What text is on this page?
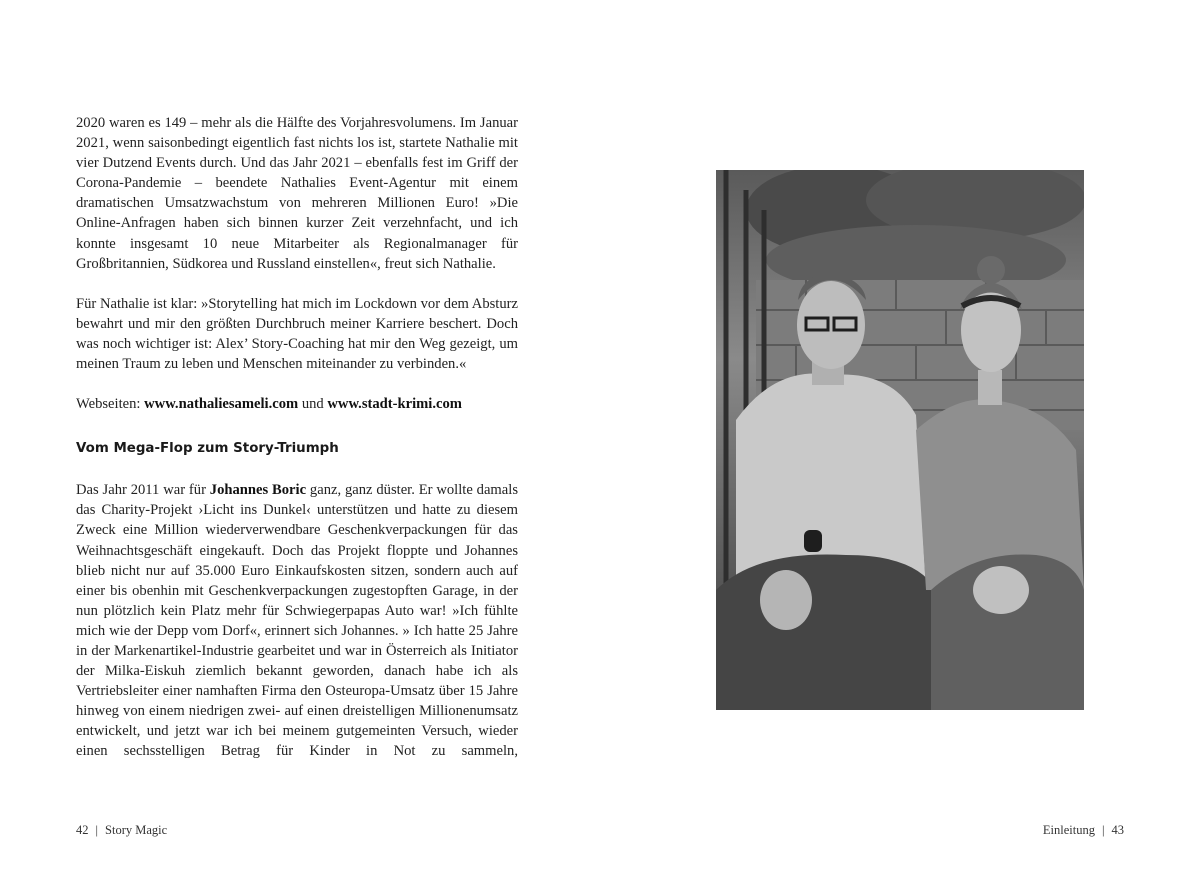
2020 waren es 149 – mehr als die Hälfte des Vorjahresvolumens. Im Januar 2021, wenn saisonbedingt eigentlich fast nichts los ist, startete Nathalie mit vier Dutzend Events durch. Und das Jahr 2021 – ebenfalls fest im Griff der Corona-Pandemie – beendete Nathalies Event-Agentur mit einem dramatischen Umsatzwachstum von mehreren Millionen Euro! »Die Online-Anfragen haben sich binnen kurzer Zeit verzehnfacht, und ich konnte insgesamt 10 neue Mitarbeiter als Regionalmanager für Großbritannien, Südkorea und Russland einstellen«, freut sich Nathalie.

Für Nathalie ist klar: »Storytelling hat mich im Lockdown vor dem Absturz bewahrt und mir den größten Durchbruch meiner Karriere beschert. Doch was noch wichtiger ist: Alex’ Story-Coaching hat mir den Weg gezeigt, um meinen Traum zu leben und Menschen miteinander zu verbinden.«

Webseiten: www.nathaliesameli.com und www.stadt-krimi.com

Vom Mega-Flop zum Story-Triumph

Das Jahr 2011 war für Johannes Boric ganz, ganz düster. Er wollte damals das Charity-Projekt ›Licht ins Dunkel‹ unterstützen und hatte zu diesem Zweck eine Million wiederverwendbare Geschenkverpackungen für das Weihnachtsgeschäft eingekauft. Doch das Projekt floppte und Johannes blieb nicht nur auf 35.000 Euro Einkaufskosten sitzen, sondern auch auf einer bis obenhin mit Geschenkverpackungen zugestopften Garage, in der nun plötzlich kein Platz mehr für Schwiegerpapas Auto war! »Ich fühlte mich wie der Depp vom Dorf«, erinnert sich Johannes. » Ich hatte 25 Jahre in der Markenartikel-Industrie gearbeitet und war in Österreich als Initiator der Milka-Eiskuh ziemlich bekannt geworden, danach habe ich als Vertriebsleiter einer namhaften Firma den Osteuropa-Umsatz über 15 Jahre hinweg von einem niedrigen zwei- auf einen dreistelligen Millionenumsatz entwickelt, und jetzt war ich bei meinem gutgemeinten Versuch, wieder einen sechsstelligen Betrag für Kinder in Not zu sammeln,

42 | Story Magic	Einleitung | 43
